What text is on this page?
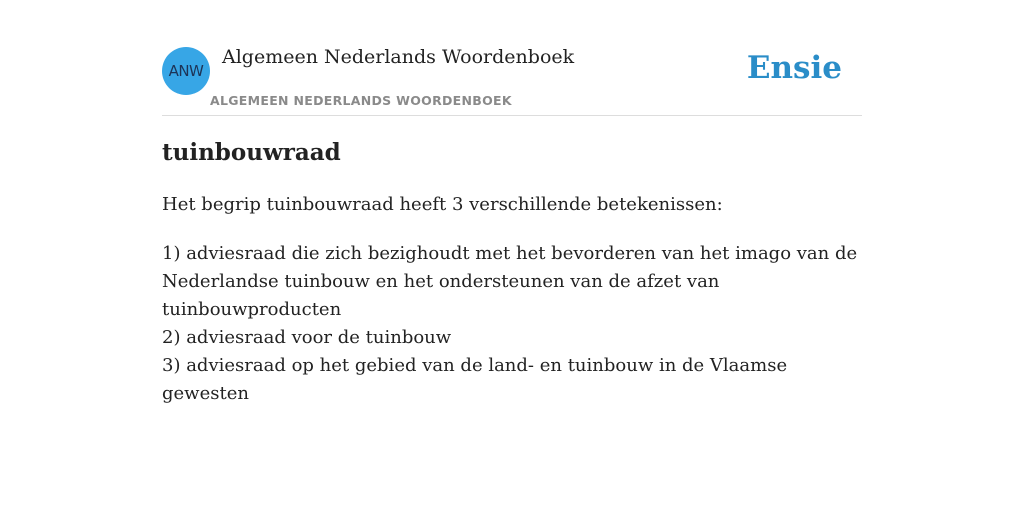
ANW
Algemeen Nederlands Woordenboek
ALGEMEEN NEDERLANDS WOORDENBOEK
Ensie
tuinbouwraad

Het begrip tuinbouwraad heeft 3 verschillende betekenissen:

1) adviesraad die zich bezighoudt met het bevorderen van het imago van de Nederlandse tuinbouw en het ondersteunen van de afzet van tuinbouwproducten
2) adviesraad voor de tuinbouw
3) adviesraad op het gebied van de land- en tuinbouw in de Vlaamse gewesten
